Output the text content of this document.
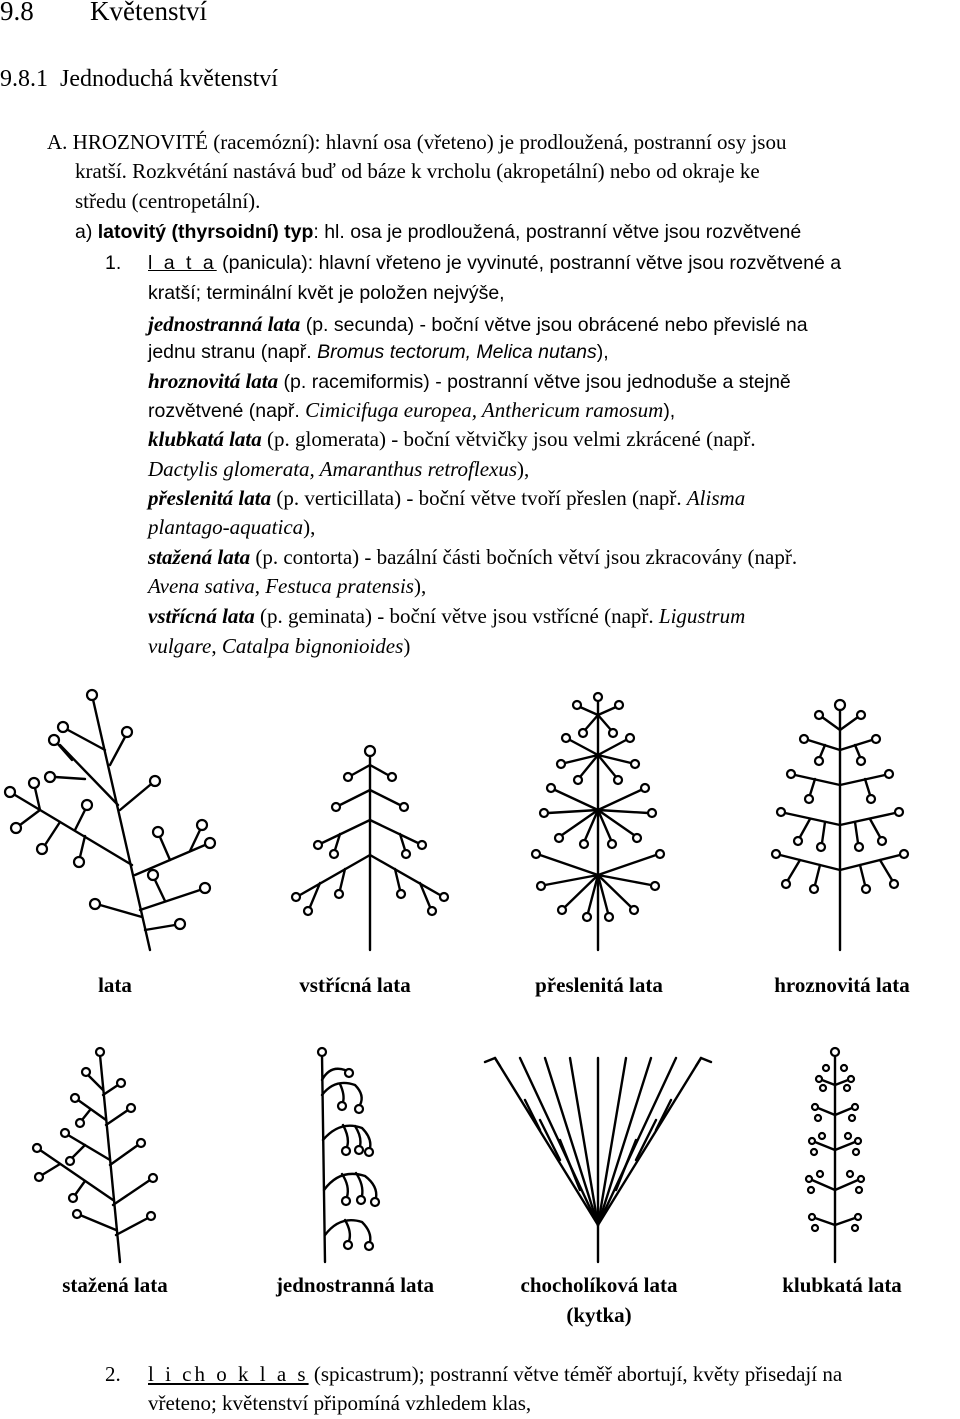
9.8 Květenství
9.8.1 Jednoduchá květenství
A. HROZNOVITÉ (racemózní): hlavní osa (vřeteno) je prodloužená, postranní osy jsou
kratší. Rozkvétání nastává buď od báze k vrcholu (akropetální) nebo od okraje ke
středu (centropetální).
a) latovitý (thyrsoidní) typ: hl. osa je prodloužená, postranní větve jsou rozvětvené
1. l a t a (panicula): hlavní vřeteno je vyvinuté, postranní větve jsou rozvětvené a
kratší; terminální květ je položen nejvýše,
jednostranná lata (p. secunda) - boční větve jsou obrácené nebo převislé na
jednu stranu (např. Bromus tectorum, Melica nutans),
hroznovitá lata (p. racemiformis) - postranní větve jsou jednoduše a stejně
rozvětvené (např. Cimicifuga europea, Anthericum ramosum),
klubkatá lata (p. glomerata) - boční větvičky jsou velmi zkrácené (např.
Dactylis glomerata, Amaranthus retroflexus),
přeslenitá lata (p. verticillata) - boční větve tvoří přeslen (např. Alisma
plantago-aquatica),
stažená lata (p. contorta) - bazální části bočních větví jsou zkracovány (např.
Avena sativa, Festuca pratensis),
vstřícná lata (p. geminata) - boční větve jsou vstřícné (např. Ligustrum
vulgare, Catalpa bignonioides)
lata	vstřícná lata	přeslenitá lata	hroznovitá lata
stažená lata	jednostranná lata	chocholíková lata
(kytka)
klubkatá lata
2. l i ch o k l a s (spicastrum); postranní větve téměř abortují, květy přisedají na
vřeteno; květenství připomíná vzhledem klas,
